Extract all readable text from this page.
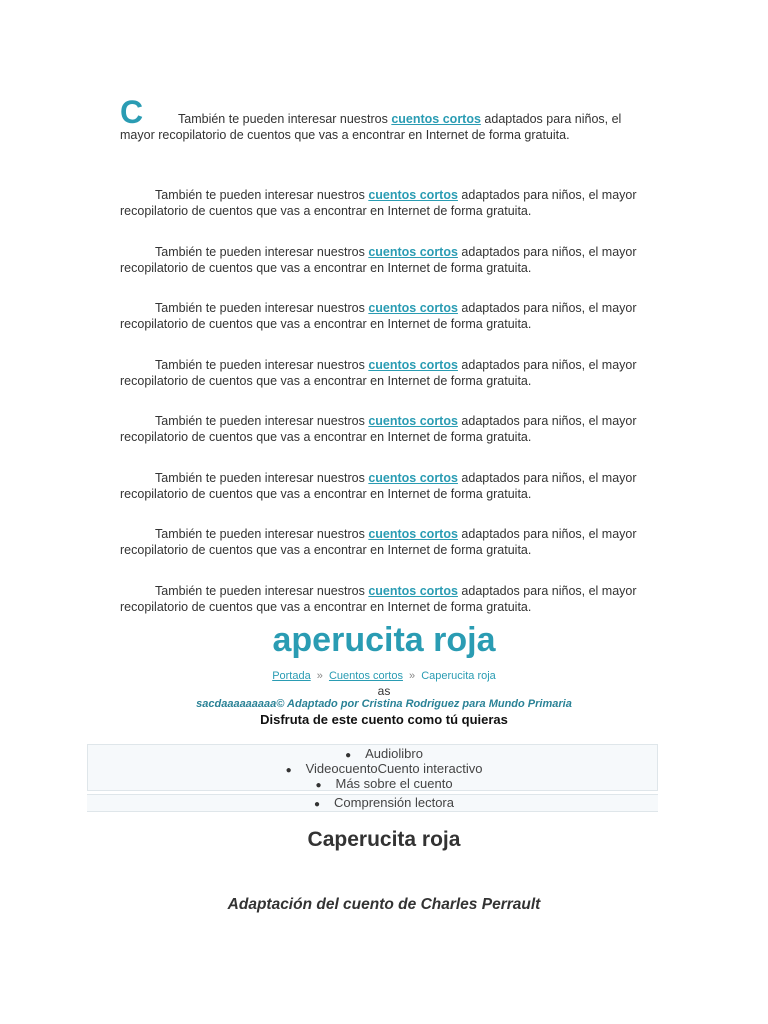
C	También te pueden interesar nuestros cuentos cortos adaptados para niños, el mayor recopilatorio de cuentos que vas a encontrar en Internet de forma gratuita.
También te pueden interesar nuestros cuentos cortos adaptados para niños, el mayor recopilatorio de cuentos que vas a encontrar en Internet de forma gratuita.
También te pueden interesar nuestros cuentos cortos adaptados para niños, el mayor recopilatorio de cuentos que vas a encontrar en Internet de forma gratuita.
También te pueden interesar nuestros cuentos cortos adaptados para niños, el mayor recopilatorio de cuentos que vas a encontrar en Internet de forma gratuita.
También te pueden interesar nuestros cuentos cortos adaptados para niños, el mayor recopilatorio de cuentos que vas a encontrar en Internet de forma gratuita.
También te pueden interesar nuestros cuentos cortos adaptados para niños, el mayor recopilatorio de cuentos que vas a encontrar en Internet de forma gratuita.
También te pueden interesar nuestros cuentos cortos adaptados para niños, el mayor recopilatorio de cuentos que vas a encontrar en Internet de forma gratuita.
También te pueden interesar nuestros cuentos cortos adaptados para niños, el mayor recopilatorio de cuentos que vas a encontrar en Internet de forma gratuita.
También te pueden interesar nuestros cuentos cortos adaptados para niños, el mayor recopilatorio de cuentos que vas a encontrar en Internet de forma gratuita.
aperucita roja
Portada » Cuentos cortos » Caperucita roja
as
sacdaaaaaaaaa© Adaptado por Cristina Rodriguez para Mundo Primaria
Disfruta de este cuento como tú quieras
● Audiolibro
● VideocuentoCuento interactivo
● Más sobre el cuento
● Comprensión lectora
Caperucita roja
Adaptación del cuento de Charles Perrault
